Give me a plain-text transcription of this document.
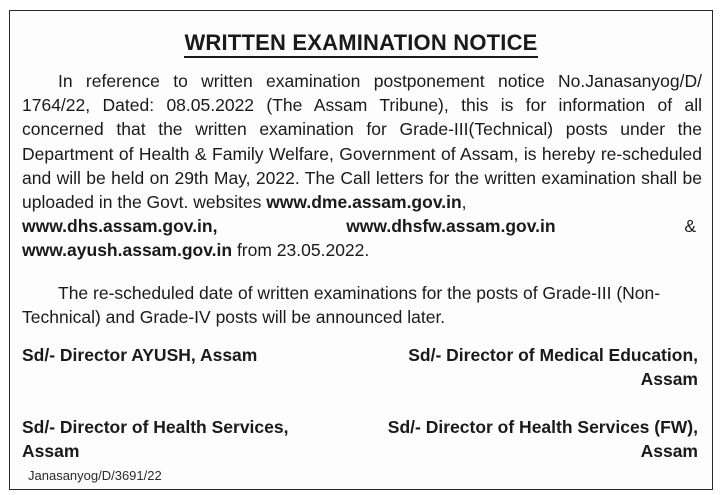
WRITTEN EXAMINATION NOTICE
In reference to written examination postponement notice No.Janasanyog/D/ 1764/22, Dated: 08.05.2022 (The Assam Tribune), this is for information of all concerned that the written examination for Grade-III(Technical) posts under the Department of Health & Family Welfare, Government of Assam, is hereby re-scheduled and will be held on 29th May, 2022. The Call letters for the written examination shall be uploaded in the Govt. websites www.dme.assam.gov.in,
www.dhs.assam.gov.in,	www.dhsfw.assam.gov.in	&
www.ayush.assam.gov.in from 23.05.2022.
The re-scheduled date of written examinations for the posts of Grade-III (Non-Technical) and Grade-IV posts will be announced later.
Sd/- Director AYUSH, Assam	Sd/- Director of Medical Education,
Assam
Sd/- Director of Health Services,
Assam
Sd/- Director of Health Services (FW),
Assam
Janasanyog/D/3691/22
